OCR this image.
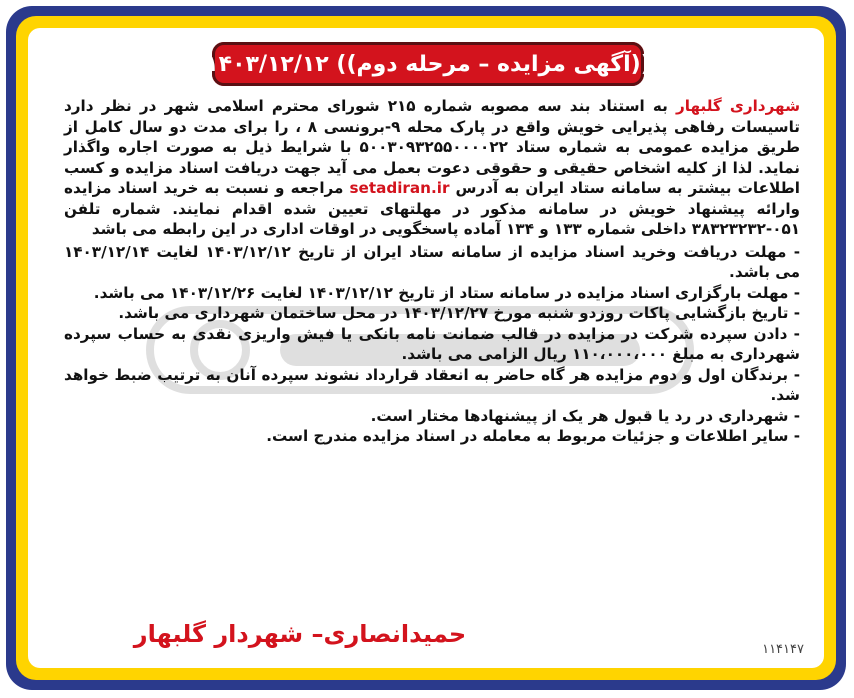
((آگهی مزایده – مرحله دوم)) ۱۴۰۳/۱۲/۱۲

شهرداری گلبهار به استناد بند سه مصوبه شماره ۲۱۵ شورای محترم اسلامی شهر در نظر دارد تاسیسات رفاهی پذیرایی خویش واقع در پارک محله ۹-برونسی ۸ ، را برای مدت دو سال کامل از طریق مزایده عمومی به شماره ستاد ۵۰۰۳۰۹۳۲۵۵۰۰۰۰۲۲ با شرایط ذیل به صورت اجاره واگذار نماید. لذا از کلیه اشخاص حقیقی و حقوقی دعوت بعمل می آید جهت دریافت اسناد مزایده و کسب اطلاعات بیشتر به سامانه ستاد ایران به آدرس setadiran.ir مراجعه و نسبت به خرید اسناد مزایده وارائه پیشنهاد خویش در سامانه مذکور در مهلتهای تعیین شده اقدام نمایند. شماره تلفن ۰۵۱-۳۸۳۲۳۲۳۲ داخلی شماره ۱۳۳ و ۱۳۴ آماده پاسخگویی در اوقات اداری در این رابطه می باشد

- مهلت دریافت وخرید اسناد مزایده از سامانه ستاد ایران از تاریخ ۱۴۰۳/۱۲/۱۲ لغایت ۱۴۰۳/۱۲/۱۴ می باشد.

- مهلت بارگزاری اسناد مزایده در سامانه ستاد از تاریخ ۱۴۰۳/۱۲/۱۲ لغایت ۱۴۰۳/۱۲/۲۶ می باشد.

- تاریخ بازگشایی پاکات روزدو شنبه مورخ ۱۴۰۳/۱۲/۲۷ در محل ساختمان شهرداری می باشد.

- دادن سپرده شرکت در مزایده در قالب ضمانت نامه بانکی یا فیش واریزی نقدی به حساب سپرده شهرداری به مبلغ ۱۱۰،۰۰۰،۰۰۰ ریال الزامی می باشد.

- برندگان اول و دوم مزایده هر گاه حاضر به انعقاد قرارداد نشوند سپرده آنان به ترتیب ضبط خواهد شد.

- شهرداری در رد یا قبول هر یک از پیشنهادها مختار است.

- سایر اطلاعات و جزئیات مربوط به معامله در اسناد مزایده مندرج است.

حمیدانصاری– شهردار گلبهار
۱۱۴۱۴۷
